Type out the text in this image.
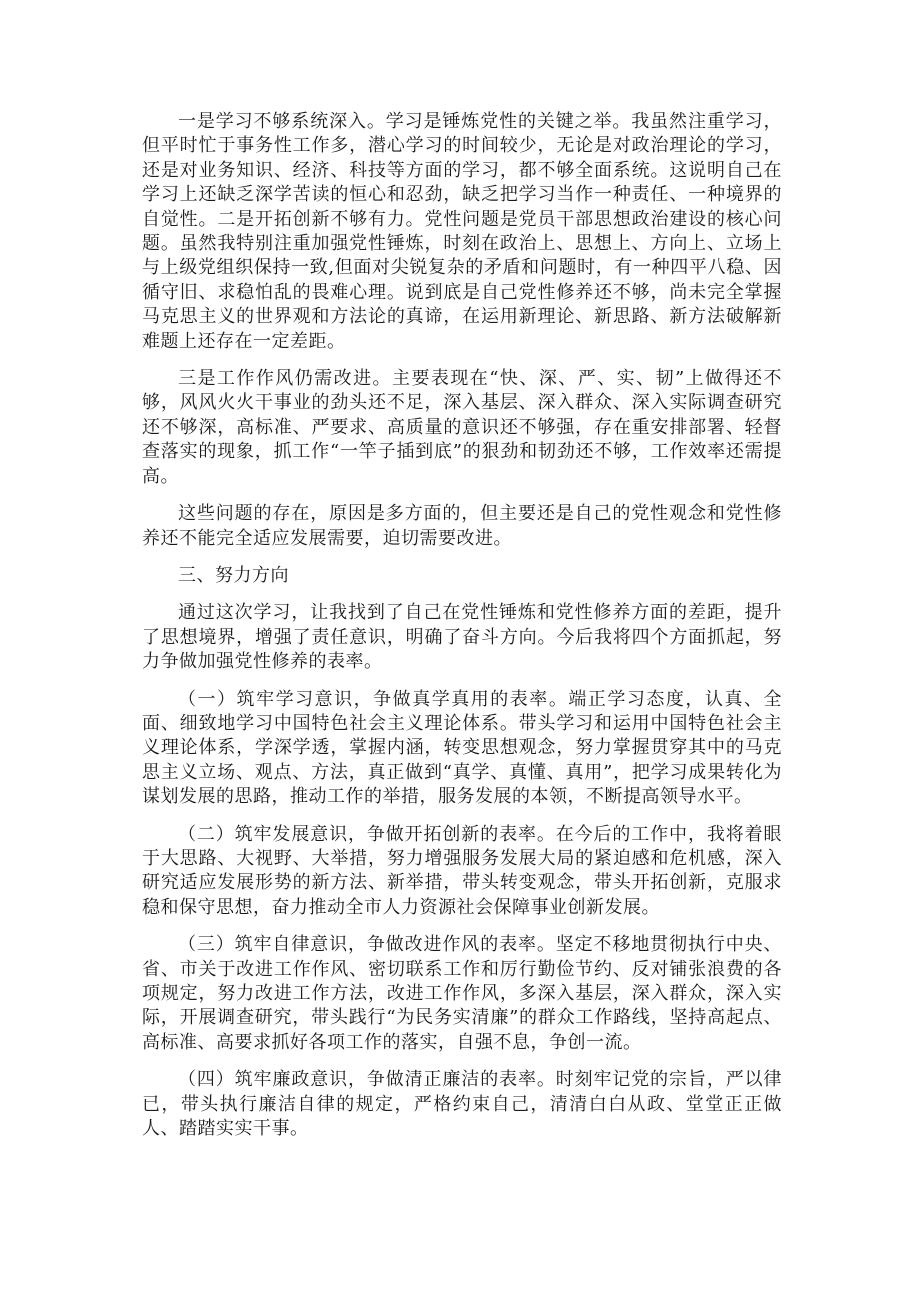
一是学习不够系统深入。学习是锤炼党性的关键之举。我虽然注重学习，但平时忙于事务性工作多，潜心学习的时间较少，无论是对政治理论的学习，还是对业务知识、经济、科技等方面的学习，都不够全面系统。这说明自己在学习上还缺乏深学苦读的恒心和忍劲，缺乏把学习当作一种责任、一种境界的自觉性。二是开拓创新不够有力。党性问题是党员干部思想政治建设的核心问题。虽然我特别注重加强党性锤炼，时刻在政治上、思想上、方向上、立场上与上级党组织保持一致,但面对尖锐复杂的矛盾和问题时，有一种四平八稳、因循守旧、求稳怕乱的畏难心理。说到底是自己党性修养还不够，尚未完全掌握马克思主义的世界观和方法论的真谛，在运用新理论、新思路、新方法破解新难题上还存在一定差距。

三是工作作风仍需改进。主要表现在“快、深、严、实、韧”上做得还不够，风风火火干事业的劲头还不足，深入基层、深入群众、深入实际调查研究还不够深，高标准、严要求、高质量的意识还不够强，存在重安排部署、轻督查落实的现象，抓工作“一竿子插到底”的狠劲和韧劲还不够，工作效率还需提高。

这些问题的存在，原因是多方面的，但主要还是自己的党性观念和党性修养还不能完全适应发展需要，迫切需要改进。

三、努力方向

通过这次学习，让我找到了自己在党性锤炼和党性修养方面的差距，提升了思想境界，增强了责任意识，明确了奋斗方向。今后我将四个方面抓起，努力争做加强党性修养的表率。

（一）筑牢学习意识，争做真学真用的表率。端正学习态度，认真、全面、细致地学习中国特色社会主义理论体系。带头学习和运用中国特色社会主义理论体系，学深学透，掌握内涵，转变思想观念，努力掌握贯穿其中的马克思主义立场、观点、方法，真正做到“真学、真懂、真用”，把学习成果转化为谋划发展的思路，推动工作的举措，服务发展的本领，不断提高领导水平。

（二）筑牢发展意识，争做开拓创新的表率。在今后的工作中，我将着眼于大思路、大视野、大举措，努力增强服务发展大局的紧迫感和危机感，深入研究适应发展形势的新方法、新举措，带头转变观念，带头开拓创新，克服求稳和保守思想，奋力推动全市人力资源社会保障事业创新发展。

（三）筑牢自律意识，争做改进作风的表率。坚定不移地贯彻执行中央、省、市关于改进工作作风、密切联系工作和厉行勤俭节约、反对铺张浪费的各项规定，努力改进工作方法，改进工作作风，多深入基层，深入群众，深入实际，开展调查研究，带头践行“为民务实清廉”的群众工作路线，坚持高起点、高标准、高要求抓好各项工作的落实，自强不息，争创一流。

（四）筑牢廉政意识，争做清正廉洁的表率。时刻牢记党的宗旨，严以律已，带头执行廉洁自律的规定，严格约束自己，清清白白从政、堂堂正正做人、踏踏实实干事。
